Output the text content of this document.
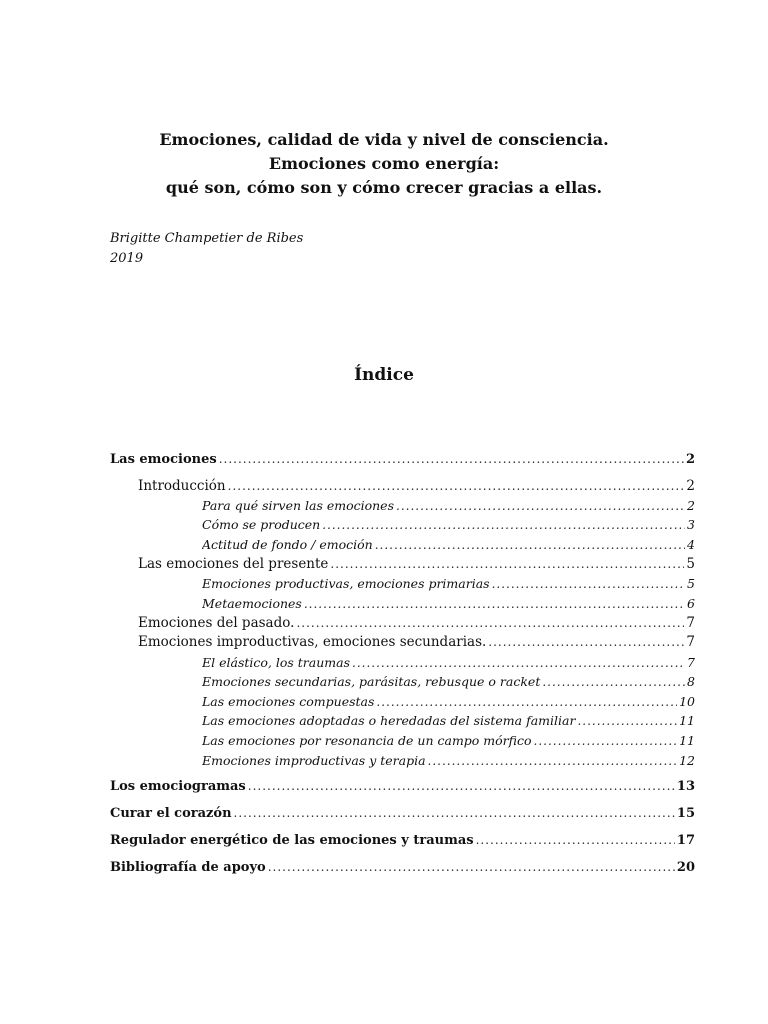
Emociones, calidad de vida y nivel de consciencia.
Emociones como energía:
qué son, cómo son y cómo crecer gracias a ellas.
Brigitte Champetier de Ribes
2019
Índice
Las emociones .....	2
Introducción .....	2
Para qué sirven las emociones .....	2
Cómo se producen .....	3
Actitud de fondo / emoción .....	4
Las emociones del presente .....	5
Emociones productivas, emociones primarias .....	5
Metaemociones .....	6
Emociones del pasado. .....	7
Emociones improductivas, emociones secundarias. .....	7
El elástico, los traumas .....	7
Emociones secundarias, parásitas, rebusque o racket .....	8
Las emociones compuestas .....	10
Las emociones adoptadas o heredadas del sistema familiar .....	11
Las emociones por resonancia de un campo mórfico .....	11
Emociones improductivas y terapia .....	12
Los emociogramas .....	13
Curar el corazón .....	15
Regulador energético de las emociones y traumas .....	17
Bibliografía de apoyo .....	20
